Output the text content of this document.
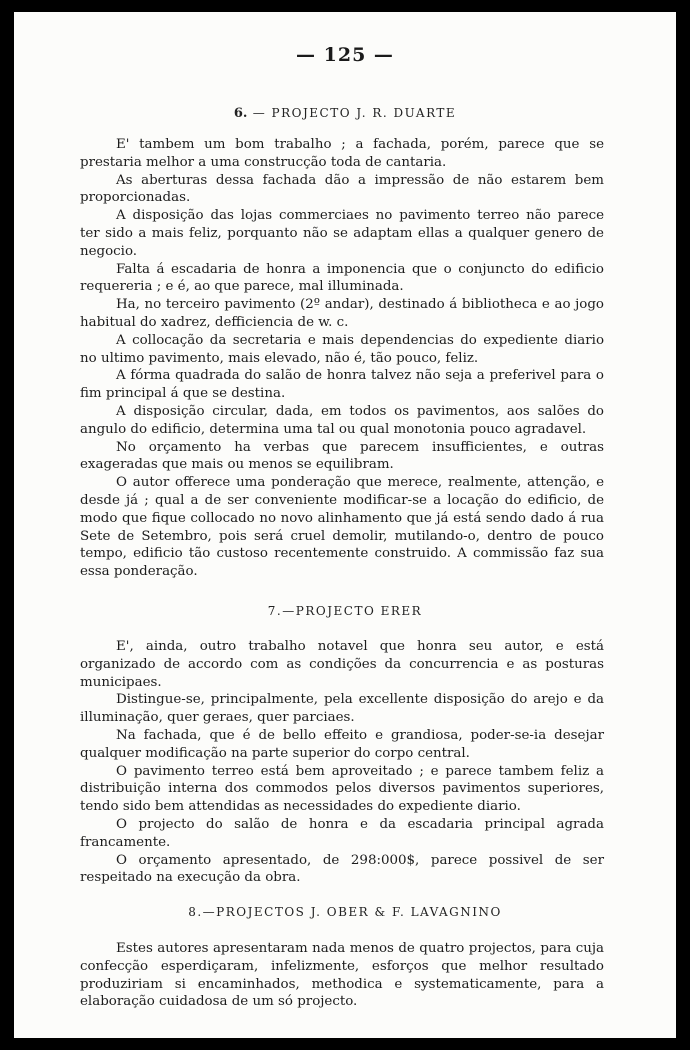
— 125 —
6. — PROJECTO J. R. DUARTE

E' tambem um bom trabalho ; a fachada, porém, parece que se prestaria melhor a uma construcção toda de cantaria.

As aberturas dessa fachada dão a impressão de não estarem bem proporcionadas.

A disposição das lojas commerciaes no pavimento terreo não parece ter sido a mais feliz, porquanto não se adaptam ellas a qualquer genero de negocio.

Falta á escadaria de honra a imponencia que o conjuncto do edificio requereria ; e é, ao que parece, mal illuminada.

Ha, no terceiro pavimento (2º andar), destinado á bibliotheca e ao jogo habitual do xadrez, defficiencia de w. c.

A collocação da secretaria e mais dependencias do expediente diario no ultimo pavimento, mais elevado, não é, tão pouco, feliz.

A fórma quadrada do salão de honra talvez não seja a preferivel para o fim principal á que se destina.

A disposição circular, dada, em todos os pavimentos, aos salões do angulo do edificio, determina uma tal ou qual monotonia pouco agradavel.

No orçamento ha verbas que parecem insufficientes, e outras exageradas que mais ou menos se equilibram.

O autor offerece uma ponderação que merece, realmente, attenção, e desde já ; qual a de ser conveniente modificar-se a locação do edificio, de modo que fique collocado no novo alinhamento que já está sendo dado á rua Sete de Setembro, pois será cruel demolir, mutilando-o, dentro de pouco tempo, edificio tão custoso recentemente construido. A commissão faz sua essa ponderação.

7.—PROJECTO ERER

E', ainda, outro trabalho notavel que honra seu autor, e está organizado de accordo com as condições da concurrencia e as posturas municipaes.

Distingue-se, principalmente, pela excellente disposição do arejo e da illuminação, quer geraes, quer parciaes.

Na fachada, que é de bello effeito e grandiosa, poder-se-ia desejar qualquer modificação na parte superior do corpo central.

O pavimento terreo está bem aproveitado ; e parece tambem feliz a distribuição interna dos commodos pelos diversos pavimentos superiores, tendo sido bem attendidas as necessidades do expediente diario.

O projecto do salão de honra e da escadaria principal agrada francamente.

O orçamento apresentado, de 298:000$, parece possivel de ser respeitado na execução da obra.

8.—PROJECTOS J. OBER & F. LAVAGNINO

Estes autores apresentaram nada menos de quatro projectos, para cuja confecção esperdiçaram, infelizmente, esforços que melhor resultado produziriam si encaminhados, methodica e systematicamente, para a elaboração cuidadosa de um só projecto.
